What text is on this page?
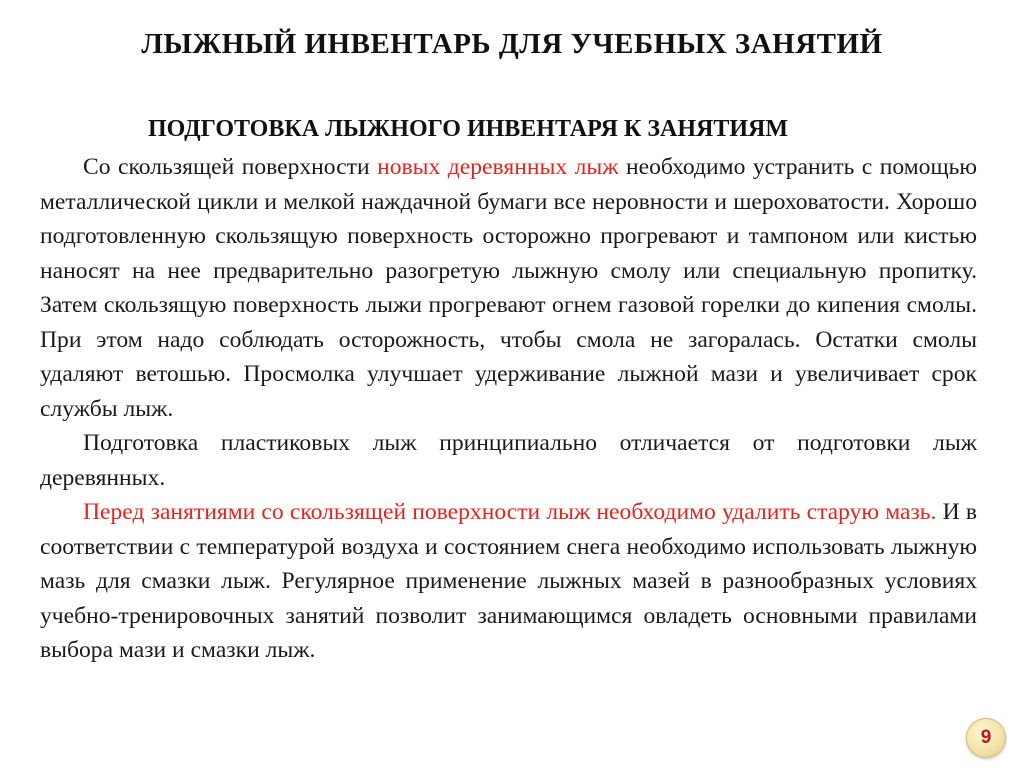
ЛЫЖНЫЙ ИНВЕНТАРЬ ДЛЯ УЧЕБНЫХ ЗАНЯТИЙ
ПОДГОТОВКА ЛЫЖНОГО ИНВЕНТАРЯ К ЗАНЯТИЯМ

Со скользящей поверхности новых деревянных лыж необходимо устранить с помощью металлической цикли и мелкой наждачной бумаги все неровности и шероховатости. Хорошо подготовленную скользящую поверхность осторожно прогревают и тампоном или кистью наносят на нее предварительно разогретую лыжную смолу или специальную пропитку. Затем скользящую поверхность лыжи прогревают огнем газовой горелки до кипения смолы. При этом надо соблюдать осторожность, чтобы смола не загоралась. Остатки смолы удаляют ветошью. Просмолка улучшает удерживание лыжной мази и увеличивает срок службы лыж.

Подготовка пластиковых лыж принципиально отличается от подготовки лыж деревянных.

Перед занятиями со скользящей поверхности лыж необходимо удалить старую мазь. И в соответствии с температурой воздуха и состоянием снега необходимо использовать лыжную мазь для смазки лыж. Регулярное применение лыжных мазей в разнообразных условиях учебно-тренировочных занятий позволит занимающимся овладеть основными правилами выбора мази и смазки лыж.

9
